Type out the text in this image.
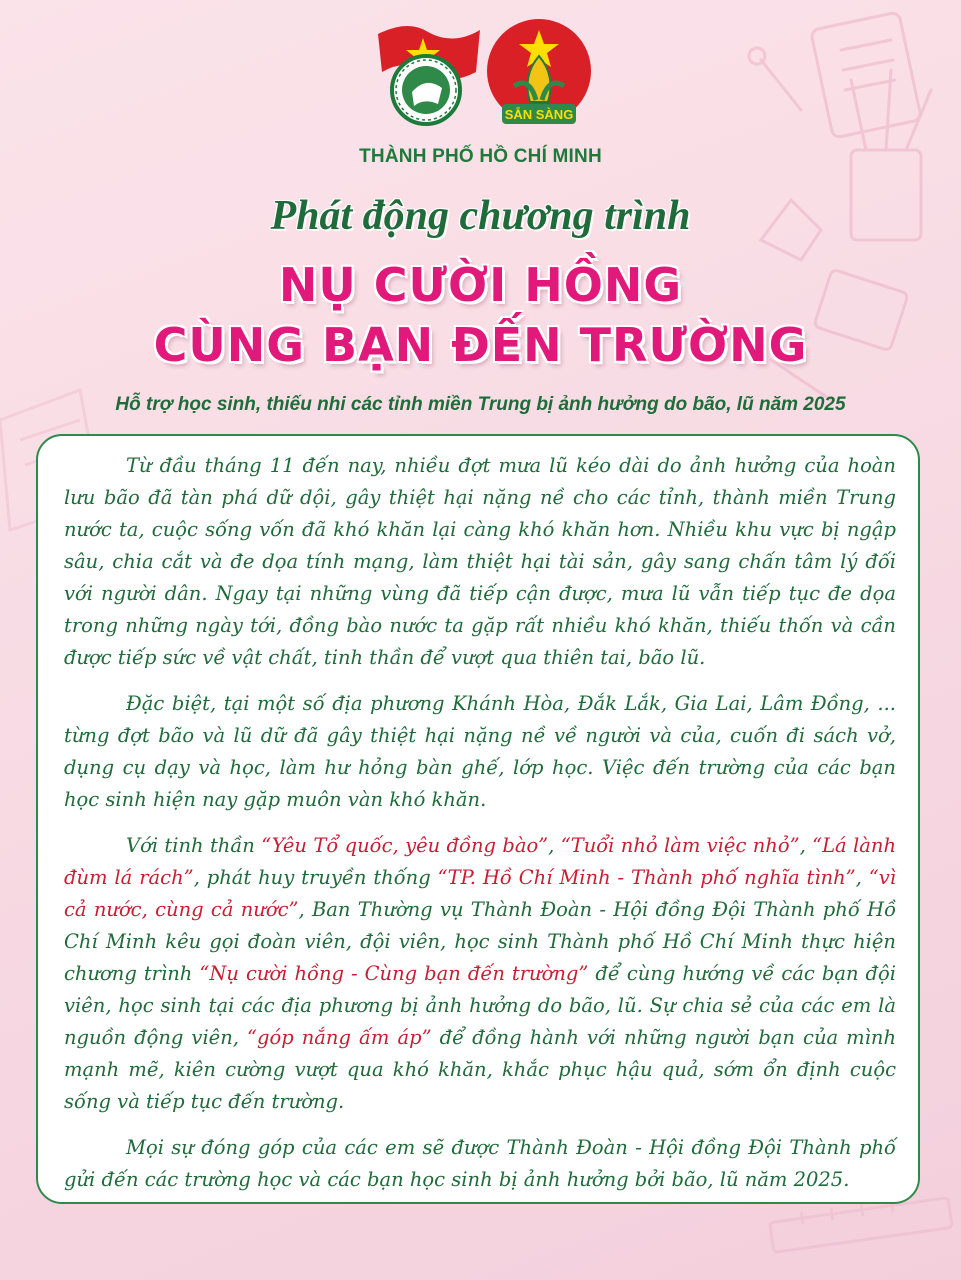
SẴN SÀNG
THÀNH PHỐ HỒ CHÍ MINH
Phát động chương trình
NỤ CƯỜI HỒNG
CÙNG BẠN ĐẾN TRƯỜNG
Hỗ trợ học sinh, thiếu nhi các tỉnh miền Trung bị ảnh hưởng do bão, lũ năm 2025

Từ đầu tháng 11 đến nay, nhiều đợt mưa lũ kéo dài do ảnh hưởng của hoàn lưu bão đã tàn phá dữ dội, gây thiệt hại nặng nề cho các tỉnh, thành miền Trung nước ta, cuộc sống vốn đã khó khăn lại càng khó khăn hơn. Nhiều khu vực bị ngập sâu, chia cắt và đe dọa tính mạng, làm thiệt hại tài sản, gây sang chấn tâm lý đối với người dân. Ngay tại những vùng đã tiếp cận được, mưa lũ vẫn tiếp tục đe dọa trong những ngày tới, đồng bào nước ta gặp rất nhiều khó khăn, thiếu thốn và cần được tiếp sức về vật chất, tinh thần để vượt qua thiên tai, bão lũ.

Đặc biệt, tại một số địa phương Khánh Hòa, Đắk Lắk, Gia Lai, Lâm Đồng, ... từng đợt bão và lũ dữ đã gây thiệt hại nặng nề về người và của, cuốn đi sách vở, dụng cụ dạy và học, làm hư hỏng bàn ghế, lớp học. Việc đến trường của các bạn học sinh hiện nay gặp muôn vàn khó khăn.

Với tinh thần “Yêu Tổ quốc, yêu đồng bào”, “Tuổi nhỏ làm việc nhỏ”, “Lá lành đùm lá rách”, phát huy truyền thống “TP. Hồ Chí Minh - Thành phố nghĩa tình”, “vì cả nước, cùng cả nước”, Ban Thường vụ Thành Đoàn - Hội đồng Đội Thành phố Hồ Chí Minh kêu gọi đoàn viên, đội viên, học sinh Thành phố Hồ Chí Minh thực hiện chương trình “Nụ cười hồng - Cùng bạn đến trường” để cùng hướng về các bạn đội viên, học sinh tại các địa phương bị ảnh hưởng do bão, lũ. Sự chia sẻ của các em là nguồn động viên, “góp nắng ấm áp” để đồng hành với những người bạn của mình mạnh mẽ, kiên cường vượt qua khó khăn, khắc phục hậu quả, sớm ổn định cuộc sống và tiếp tục đến trường.

Mọi sự đóng góp của các em sẽ được Thành Đoàn - Hội đồng Đội Thành phố gửi đến các trường học và các bạn học sinh bị ảnh hưởng bởi bão, lũ năm 2025.
